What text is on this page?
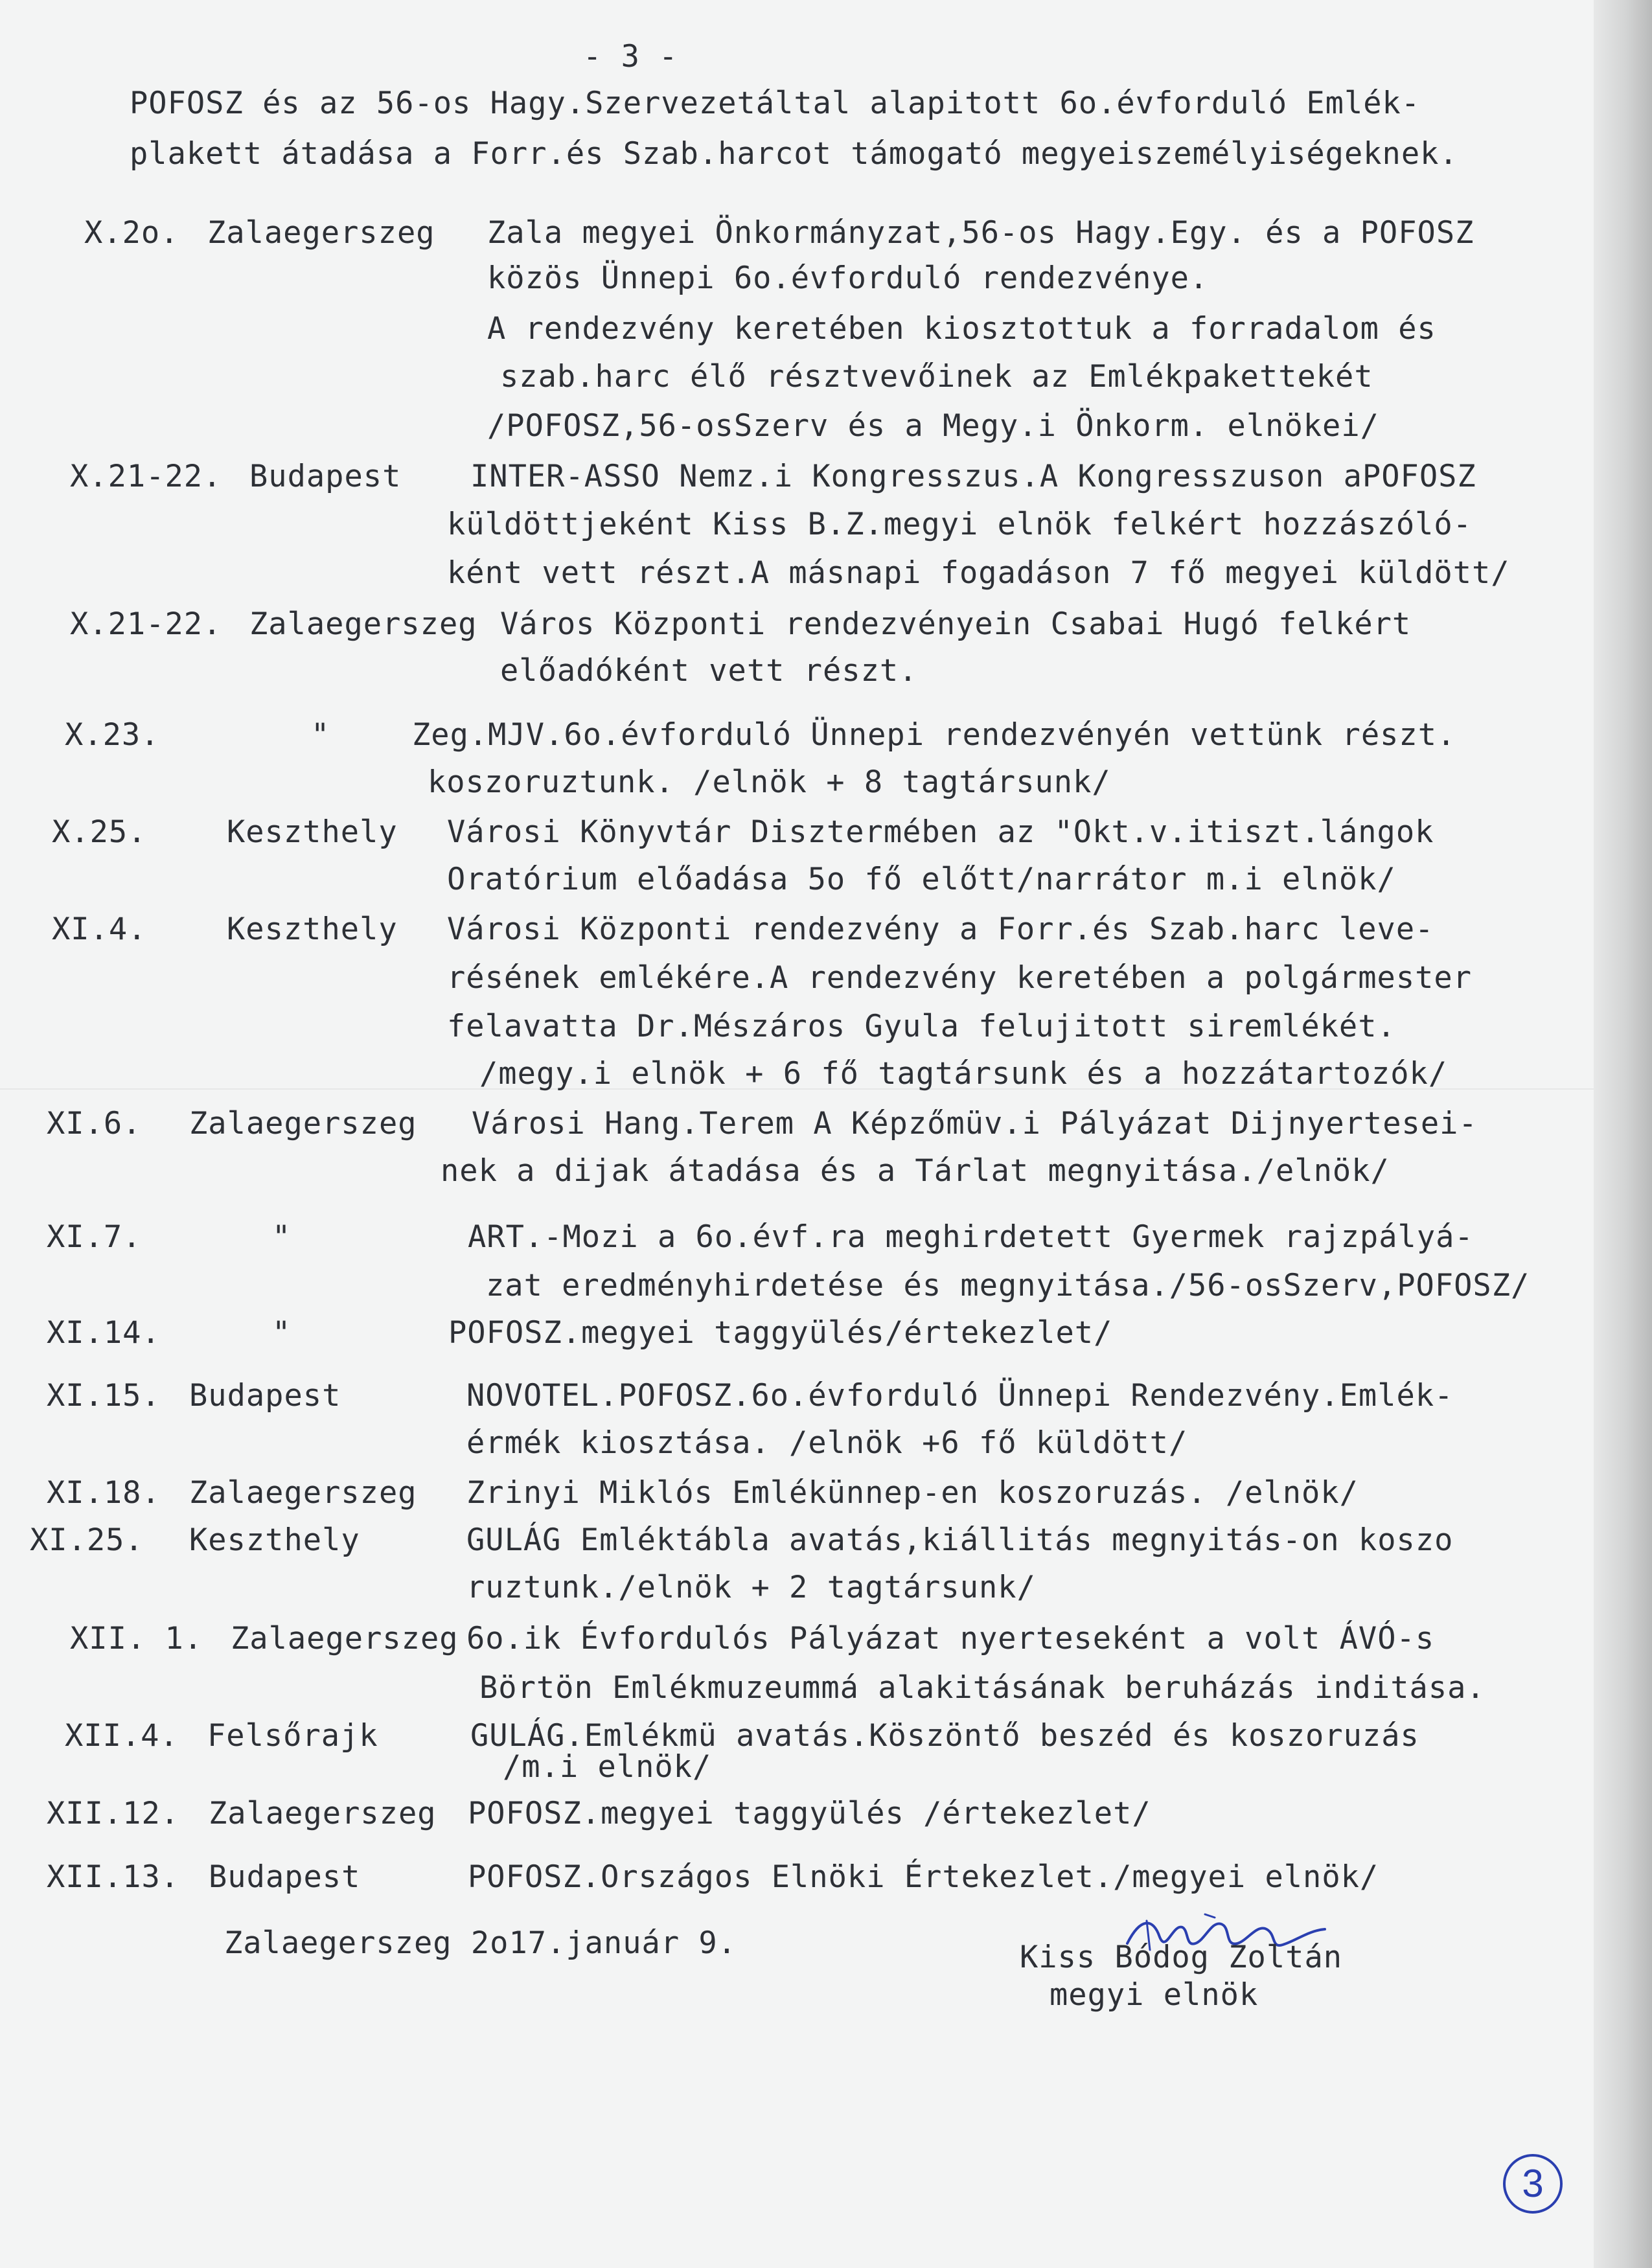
- 3 -
POFOSZ és az 56-os Hagy.Szervezetáltal alapitott 6o.évforduló Emlék-
plakett átadása a Forr.és Szab.harcot támogató megyeiszemélyiségeknek.
X.2o. Zalaegerszeg Zala megyei Önkormányzat,56-os Hagy.Egy. és a POFOSZ
közös Ünnepi 6o.évforduló rendezvénye.
A rendezvény keretében kiosztottuk a forradalom és
szab.harc élő résztvevőinek az Emlékpakettekét
/POFOSZ,56-osSzerv és a Megy.i Önkorm. elnökei/
X.21-22. Budapest INTER-ASSO Nemz.i Kongresszus.A Kongresszuson aPOFOSZ
küldöttjeként Kiss B.Z.megyi elnök felkért hozzászóló-
ként vett részt.A másnapi fogadáson 7 fő megyei küldött/
X.21-22. Zalaegerszeg Város Központi rendezvényein Csabai Hugó felkért
előadóként vett részt.
X.23.	"	Zeg.MJV.6o.évforduló Ünnepi rendezvényén vettünk részt.
koszoruztunk. /elnök + 8 tagtársunk/
X.25.	Keszthely Városi Könyvtár Disztermében az "Okt.v.itiszt.lángok
Oratórium előadása 5o fő előtt/narrátor m.i elnök/
XI.4.	Keszthely Városi Központi rendezvény a Forr.és Szab.harc leve-
résének emlékére.A rendezvény keretében a polgármester
felavatta Dr.Mészáros Gyula felujitott siremlékét.
/megy.i elnök + 6 fő tagtársunk és a hozzátartozók/
XI.6. Zalaegerszeg Városi Hang.Terem A Képzőmüv.i Pályázat Dijnyertesei-
nek a dijak átadása és a Tárlat megnyitása./elnök/
XI.7.	"	ART.-Mozi a 6o.évf.ra meghirdetett Gyermek rajzpályá-
zat eredményhirdetése és megnyitása./56-osSzerv,POFOSZ/
XI.14.	"	POFOSZ.megyei taggyülés/értekezlet/
XI.15. Budapest	NOVOTEL.POFOSZ.6o.évforduló Ünnepi Rendezvény.Emlék-
érmék kiosztása. /elnök +6 fő küldött/
XI.18. Zalaegerszeg Zrinyi Miklós Emlékünnep-en koszoruzás. /elnök/
XI.25. Keszthely	GULÁG Emléktábla avatás,kiállitás megnyitás-on koszo
ruztunk./elnök + 2 tagtársunk/
XII. 1. Zalaegerszeg 6o.ik Évfordulós Pályázat nyerteseként a volt ÁVÓ-s
Börtön Emlékmuzeummá alakitásának beruházás inditása.
XII.4. Felsőrajk	GULÁG.Emlékmü avatás.Köszöntő beszéd és koszoruzás
/m.i elnök/
XII.12. Zalaegerszeg POFOSZ.megyei taggyülés /értekezlet/
XII.13. Budapest	POFOSZ.Országos Elnöki Értekezlet./megyei elnök/
Zalaegerszeg 2o17.január 9.	Kiss Bódog Zoltán
megyi elnök
3
